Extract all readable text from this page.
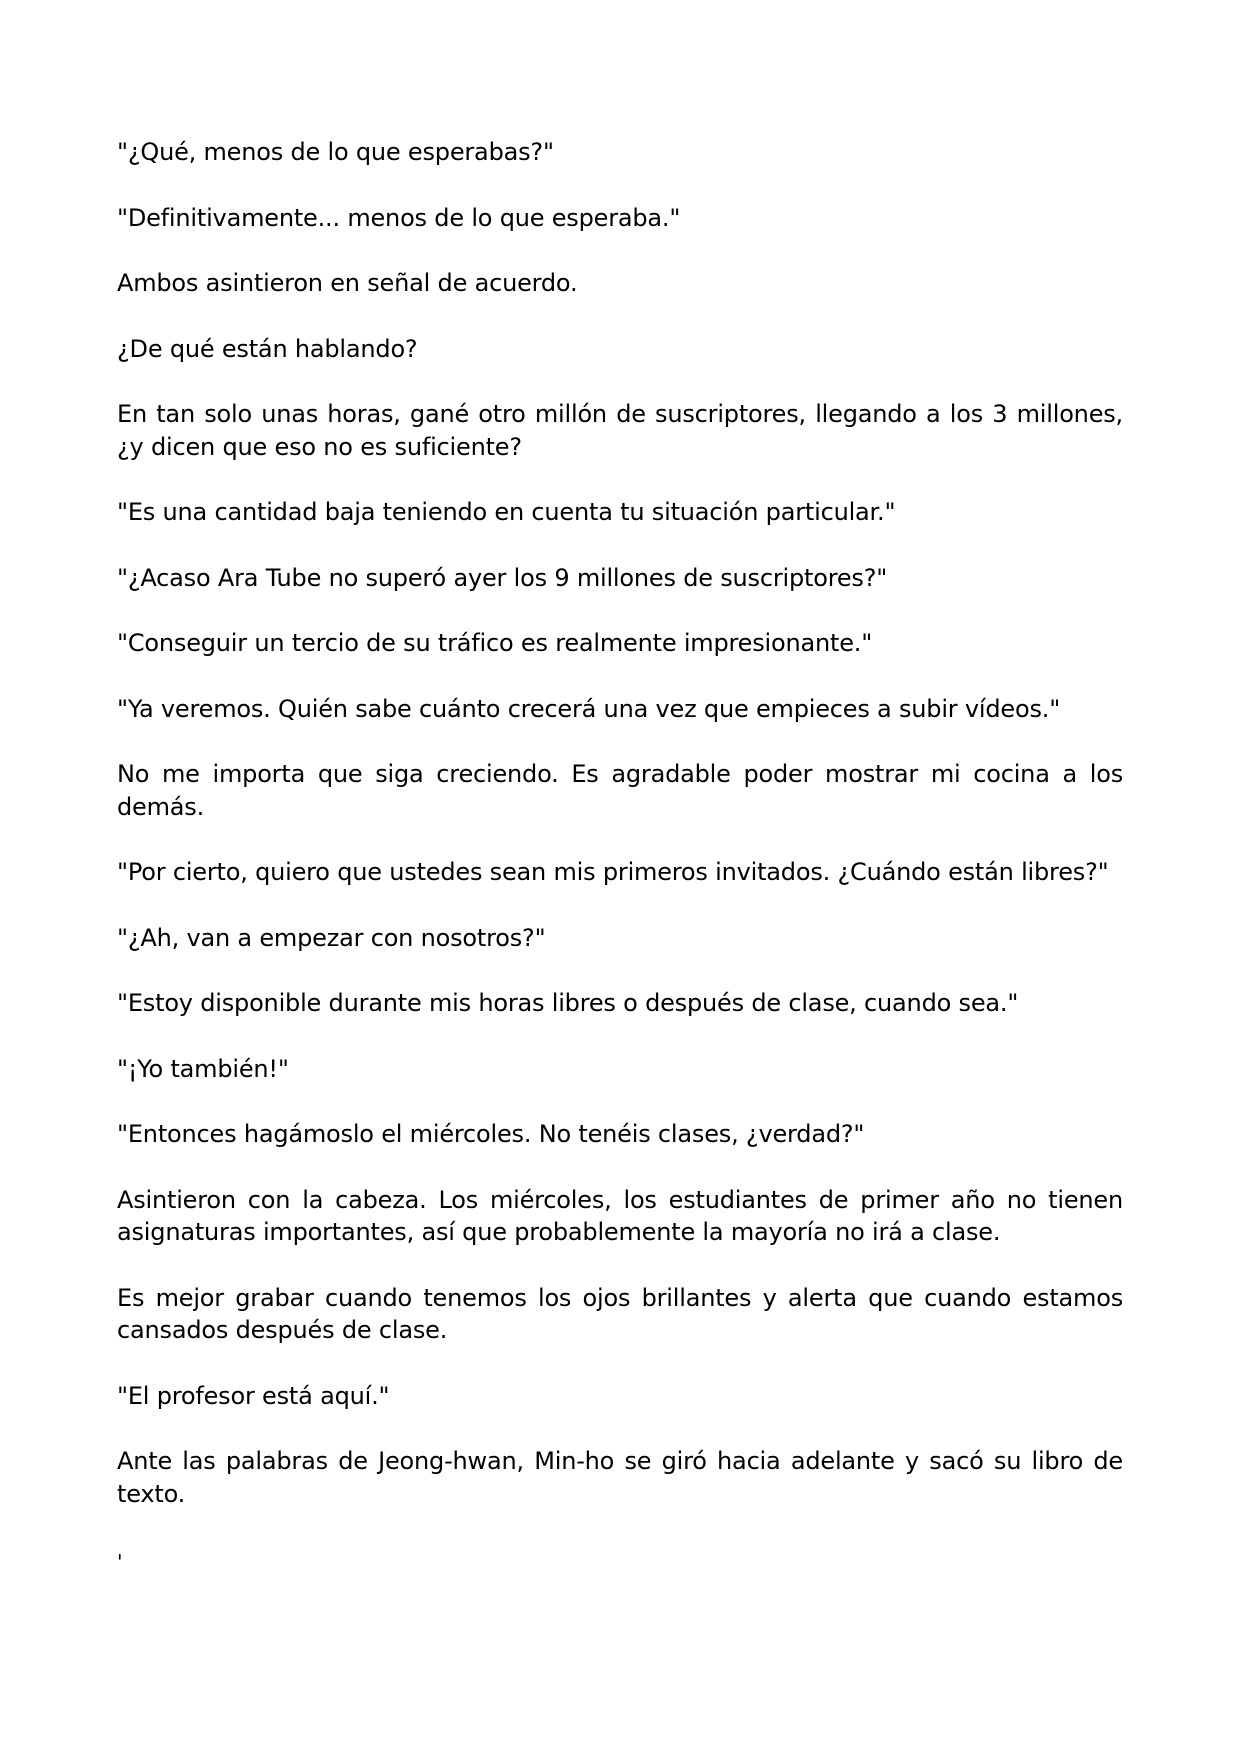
"¿Qué, menos de lo que esperabas?"

"Definitivamente... menos de lo que esperaba."

Ambos asintieron en señal de acuerdo.

¿De qué están hablando?

En tan solo unas horas, gané otro millón de suscriptores, llegando a los 3 millones, ¿y dicen que eso no es suficiente?

"Es una cantidad baja teniendo en cuenta tu situación particular."

"¿Acaso Ara Tube no superó ayer los 9 millones de suscriptores?"

"Conseguir un tercio de su tráfico es realmente impresionante."

"Ya veremos. Quién sabe cuánto crecerá una vez que empieces a subir vídeos."

No me importa que siga creciendo. Es agradable poder mostrar mi cocina a los demás.

"Por cierto, quiero que ustedes sean mis primeros invitados. ¿Cuándo están libres?"

"¿Ah, van a empezar con nosotros?"

"Estoy disponible durante mis horas libres o después de clase, cuando sea."

"¡Yo también!"

"Entonces hagámoslo el miércoles. No tenéis clases, ¿verdad?"

Asintieron con la cabeza. Los miércoles, los estudiantes de primer año no tienen asignaturas importantes, así que probablemente la mayoría no irá a clase.

Es mejor grabar cuando tenemos los ojos brillantes y alerta que cuando estamos cansados después de clase.

"El profesor está aquí."

Ante las palabras de Jeong-hwan, Min-ho se giró hacia adelante y sacó su libro de texto.

'
